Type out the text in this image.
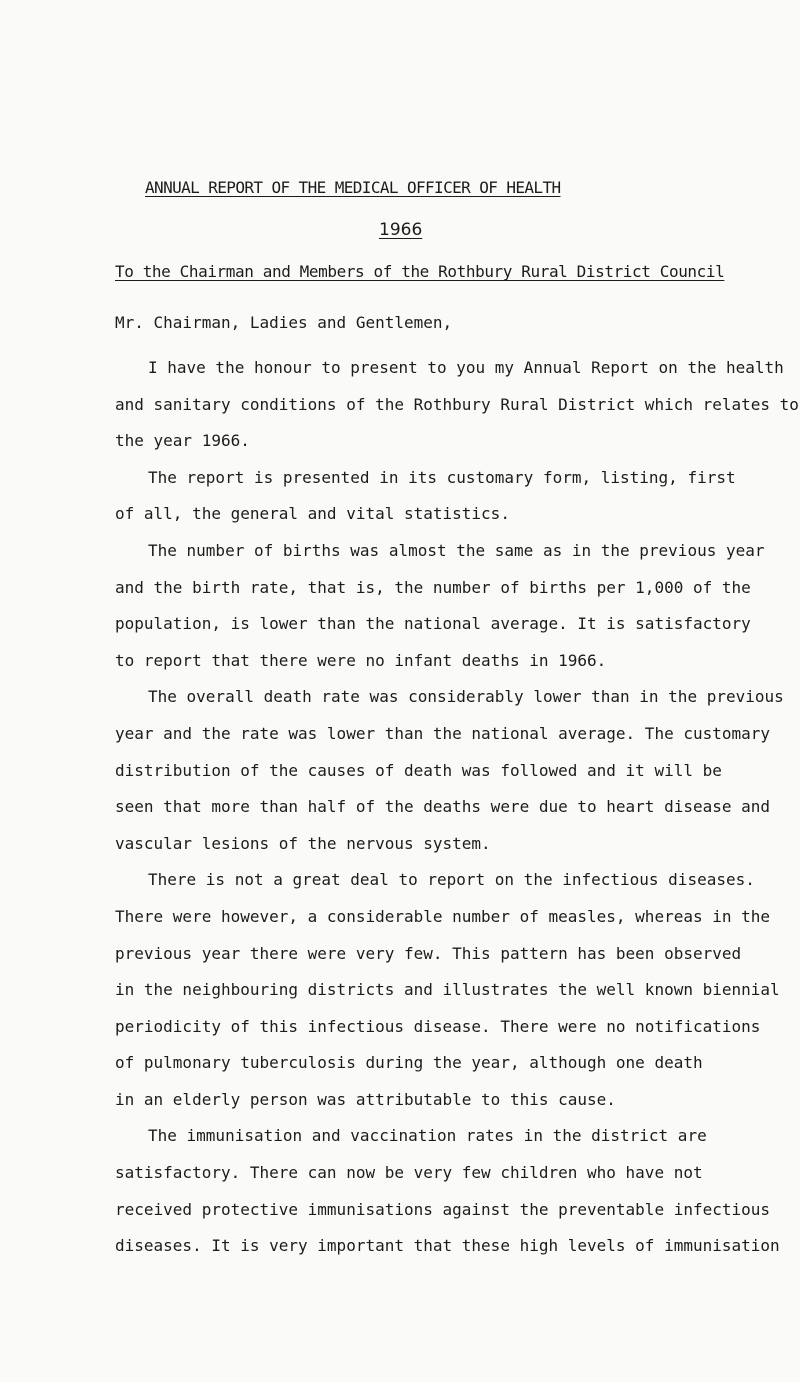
ANNUAL REPORT OF THE MEDICAL OFFICER OF HEALTH
1966
To the Chairman and Members of the Rothbury Rural District Council
Mr. Chairman, Ladies and Gentlemen,
I have the honour to present to you my Annual Report on the health
and sanitary conditions of the Rothbury Rural District which relates to
the year 1966.
The report is presented in its customary form, listing, first
of all, the general and vital statistics.
The number of births was almost the same as in the previous year
and the birth rate, that is, the number of births per 1,000 of the
population, is lower than the national average. It is satisfactory
to report that there were no infant deaths in 1966.
The overall death rate was considerably lower than in the previous
year and the rate was lower than the national average. The customary
distribution of the causes of death was followed and it will be
seen that more than half of the deaths were due to heart disease and
vascular lesions of the nervous system.
There is not a great deal to report on the infectious diseases.
There were however, a considerable number of measles, whereas in the
previous year there were very few. This pattern has been observed
in the neighbouring districts and illustrates the well known biennial
periodicity of this infectious disease. There were no notifications
of pulmonary tuberculosis during the year, although one death
in an elderly person was attributable to this cause.
The immunisation and vaccination rates in the district are
satisfactory. There can now be very few children who have not
received protective immunisations against the preventable infectious
diseases. It is very important that these high levels of immunisation
